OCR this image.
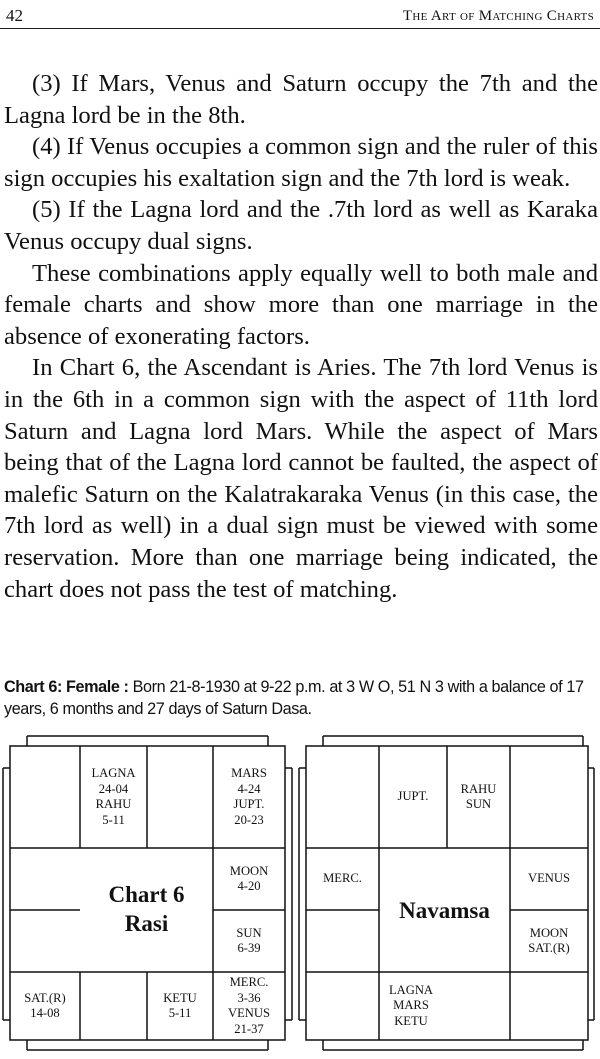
42	The Art of Matching Charts

(3) If Mars, Venus and Saturn occupy the 7th and the Lagna lord be in the 8th.

(4) If Venus occupies a common sign and the ruler of this sign occupies his exaltation sign and the 7th lord is weak.

(5) If the Lagna lord and the .7th lord as well as Karaka Venus occupy dual signs.

These combinations apply equally well to both male and female charts and show more than one marriage in the absence of exonerating factors.

In Chart 6, the Ascendant is Aries. The 7th lord Venus is in the 6th in a common sign with the aspect of 11th lord Saturn and Lagna lord Mars. While the aspect of Mars being that of the Lagna lord cannot be faulted, the aspect of malefic Saturn on the Kalatrakaraka Venus (in this case, the 7th lord as well) in a dual sign must be viewed with some reservation. More than one marriage being indicated, the chart does not pass the test of matching.

Chart 6: Female : Born 21-8-1930 at 9-22 p.m. at 3 W O, 51 N 3 with a balance of 17 years, 6 months and 27 days of Saturn Dasa.
LAGNA
24-04
RAHU
5-11
MARS
4-24
JUPT.
20-23
MOON
4-20
SUN
6-39
SAT.(R)
14-08
KETU
5-11
MERC.
3-36
VENUS
21-37
Chart 6
Rasi
JUPT.
RAHU
SUN
MERC.	VENUS
MOON
SAT.(R)
LAGNA
MARS
KETU
Navamsa
